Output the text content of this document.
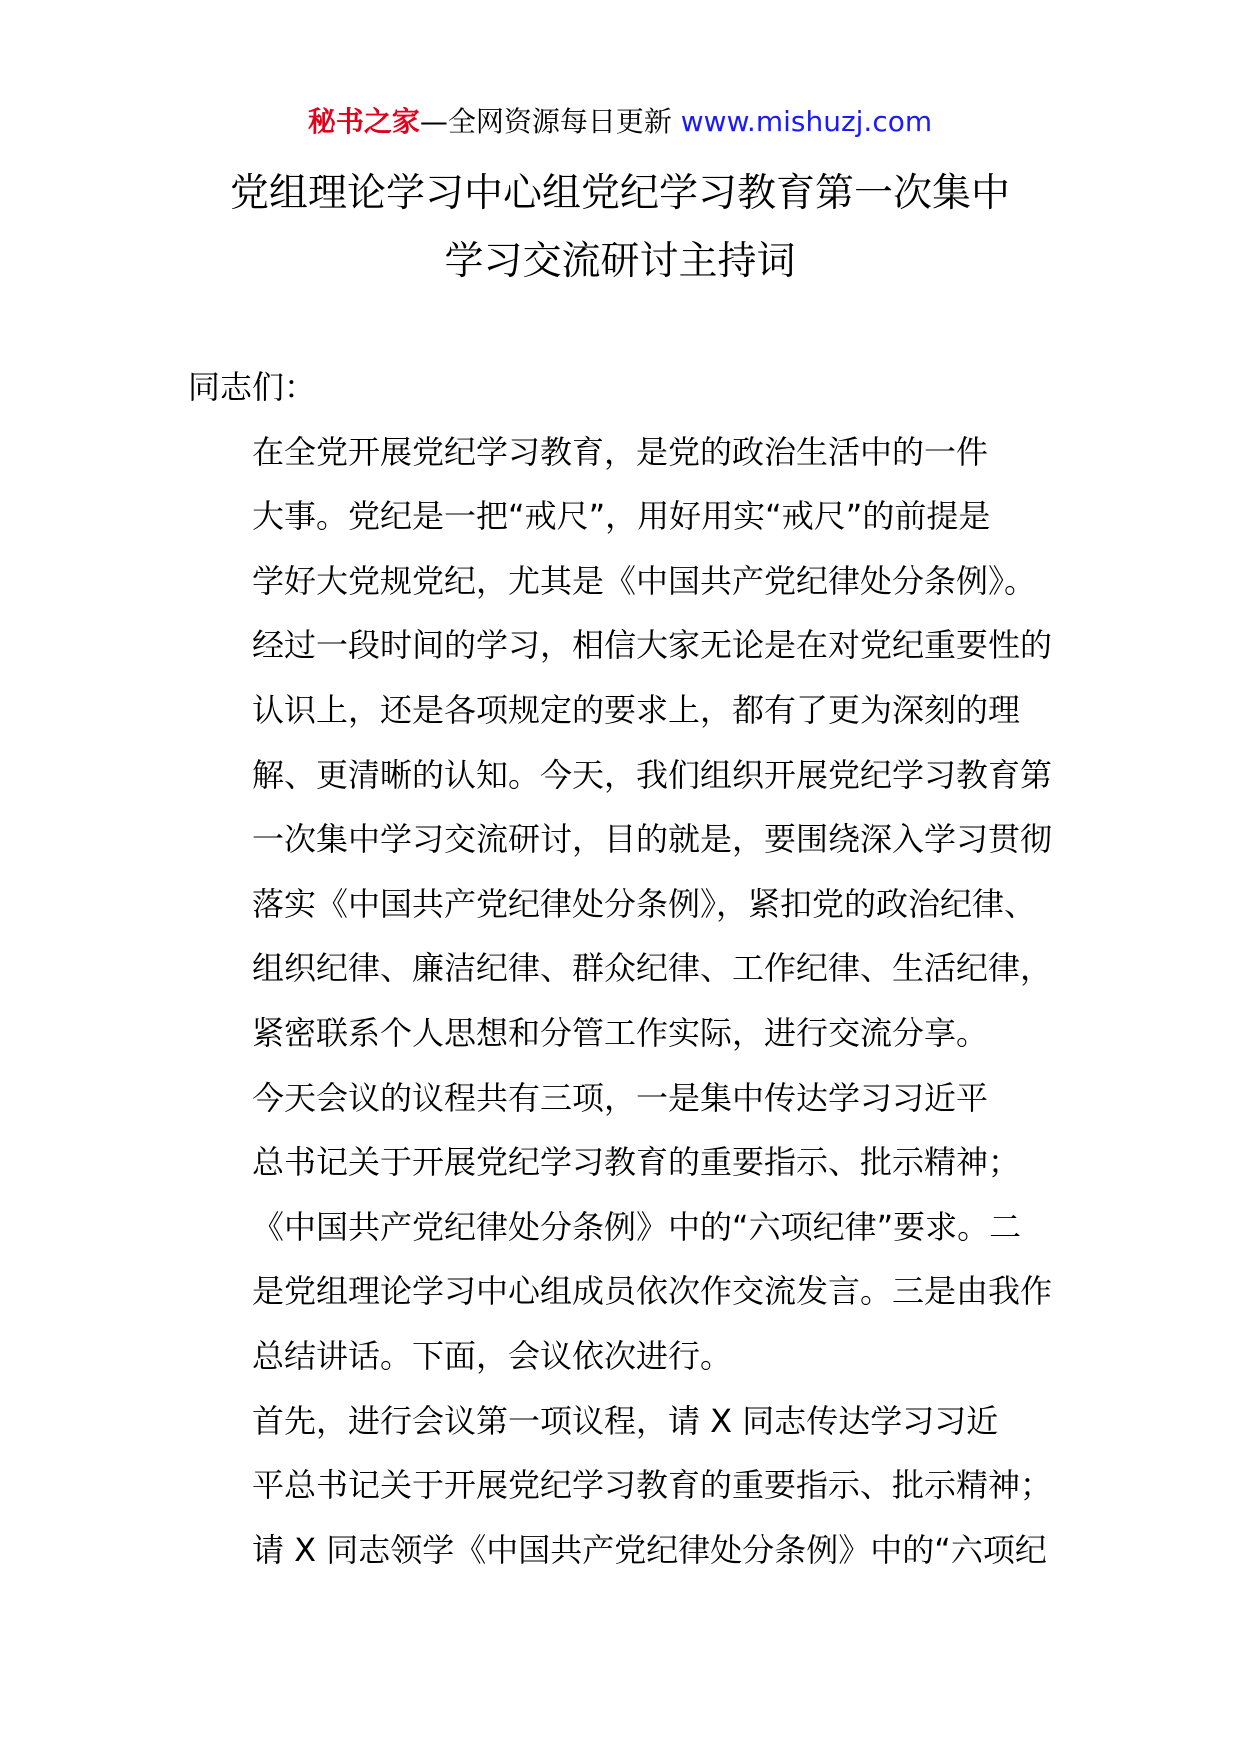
秘书之家—全网资源每日更新 www.mishuzj.com
党组理论学习中心组党纪学习教育第一次集中
学习交流研讨主持词

同志们：

在全党开展党纪学习教育，是党的政治生活中的一件
大事。党纪是一把“戒尺”，用好用实“戒尺”的前提是
学好大党规党纪，尤其是《中国共产党纪律处分条例》。
经过一段时间的学习，相信大家无论是在对党纪重要性的
认识上，还是各项规定的要求上，都有了更为深刻的理
解、更清晰的认知。今天，我们组织开展党纪学习教育第
一次集中学习交流研讨，目的就是，要围绕深入学习贯彻
落实《中国共产党纪律处分条例》，紧扣党的政治纪律、
组织纪律、廉洁纪律、群众纪律、工作纪律、生活纪律，
紧密联系个人思想和分管工作实际，进行交流分享。

今天会议的议程共有三项，一是集中传达学习习近平
总书记关于开展党纪学习教育的重要指示、批示精神；
《中国共产党纪律处分条例》中的“六项纪律”要求。二
是党组理论学习中心组成员依次作交流发言。三是由我作
总结讲话。下面，会议依次进行。

首先，进行会议第一项议程，请 X 同志传达学习习近
平总书记关于开展党纪学习教育的重要指示、批示精神；
请 X 同志领学《中国共产党纪律处分条例》中的“六项纪
